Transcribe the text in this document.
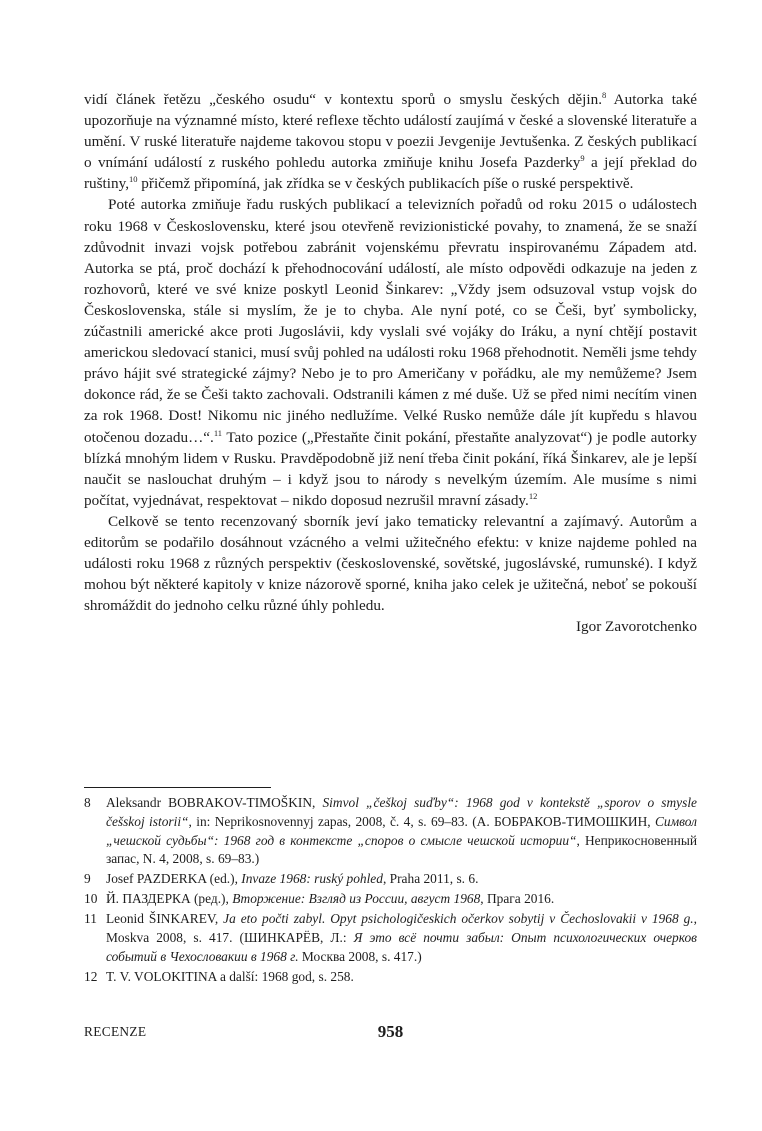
vidí článek řetězu „českého osudu“ v kontextu sporů o smyslu českých dějin.$^8$ Autorka také upozorňuje na významné místo, které reflexe těchto událostí zaujímá v české a slovenské literatuře a umění. V ruské literatuře najdeme takovou stopu v poezii Jevgenije Jevtušenka. Z českých publikací o vnímání událostí z ruského pohledu autorka zmiňuje knihu Josefa Pazderky$^9$ a její překlad do ruštiny,$^{10}$ přičemž připomíná, jak zřídka se v českých publikacích píše o ruské perspektivě.

Poté autorka zmiňuje řadu ruských publikací a televizních pořadů od roku 2015 o událostech roku 1968 v Československu, které jsou otevřeně revizionistické povahy, to znamená, že se snaží zdůvodnit invazi vojsk potřebou zabránit vojenskému převratu inspirovanému Západem atd. Autorka se ptá, proč dochází k přehodnocování událostí, ale místo odpovědi odkazuje na jeden z rozhovorů, které ve své knize poskytl Leonid Šinkarev: „Vždy jsem odsuzoval vstup vojsk do Československa, stále si myslím, že je to chyba. Ale nyní poté, co se Češi, byť symbolicky, zúčastnili americké akce proti Jugoslávii, kdy vyslali své vojáky do Iráku, a nyní chtějí postavit americkou sledovací stanici, musí svůj pohled na události roku 1968 přehodnotit. Neměli jsme tehdy právo hájit své strategické zájmy? Nebo je to pro Američany v pořádku, ale my nemůžeme? Jsem dokonce rád, že se Češi takto zachovali. Odstranili kámen z mé duše. Už se před nimi necítím vinen za rok 1968. Dost! Nikomu nic jiného nedlužíme. Velké Rusko nemůže dále jít kupředu s hlavou otočenou dozadu…“.$^{11}$ Tato pozice („Přestaňte činit pokání, přestaňte analyzovat“) je podle autorky blízká mnohým lidem v Rusku. Pravděpodobně již není třeba činit pokání, říká Šinkarev, ale je lepší naučit se naslouchat druhým – i když jsou to národy s nevelkým územím. Ale musíme s nimi počítat, vyjednávat, respektovat – nikdo doposud nezrušil mravní zásady.$^{12}$

Celkově se tento recenzovaný sborník jeví jako tematicky relevantní a zajímavý. Autorům a editorům se podařilo dosáhnout vzácného a velmi užitečného efektu: v knize najdeme pohled na události roku 1968 z různých perspektiv (československé, sovětské, jugoslávské, rumunské). I když mohou být některé kapitoly v knize názorově sporné, kniha jako celek je užitečná, neboť se pokouší shromáždit do jednoho celku různé úhly pohledu.

Igor Zavorotchenko

8	Aleksandr BOBRAKOV-TIMOŠKIN, Simvol „češkoj suďby“: 1968 god v kontekstě „sporov o smysle češskoj istorii“, in: Neprikosnovennyj zapas, 2008, č. 4, s. 69–83. (А. БОБРАКОВ-ТИМОШКИН, Символ „чешской судьбы“: 1968 год в контексте „споров о смысле чешской истории“, Неприкосновенный запас, N. 4, 2008, s. 69–83.)
9	Josef PAZDERKA (ed.), Invaze 1968: ruský pohled, Praha 2011, s. 6.
10 Й. ПАЗДЕРКА (ред.), Вторжение: Взгляд из России, август 1968, Прага 2016.
11 Leonid ŠINKAREV, Ja eto počti zabyl. Opyt psichologičeskich očerkov sobytij v Čechoslovakii v 1968 g., Moskva 2008, s. 417. (ШИНКАРЁВ, Л.: Я это всё почти забыл: Опыт психологических очерков событий в Чехословакии в 1968 г. Москва 2008, s. 417.)
12 T. V. VOLOKITINA a další: 1968 god, s. 258.
RECENZE	958
